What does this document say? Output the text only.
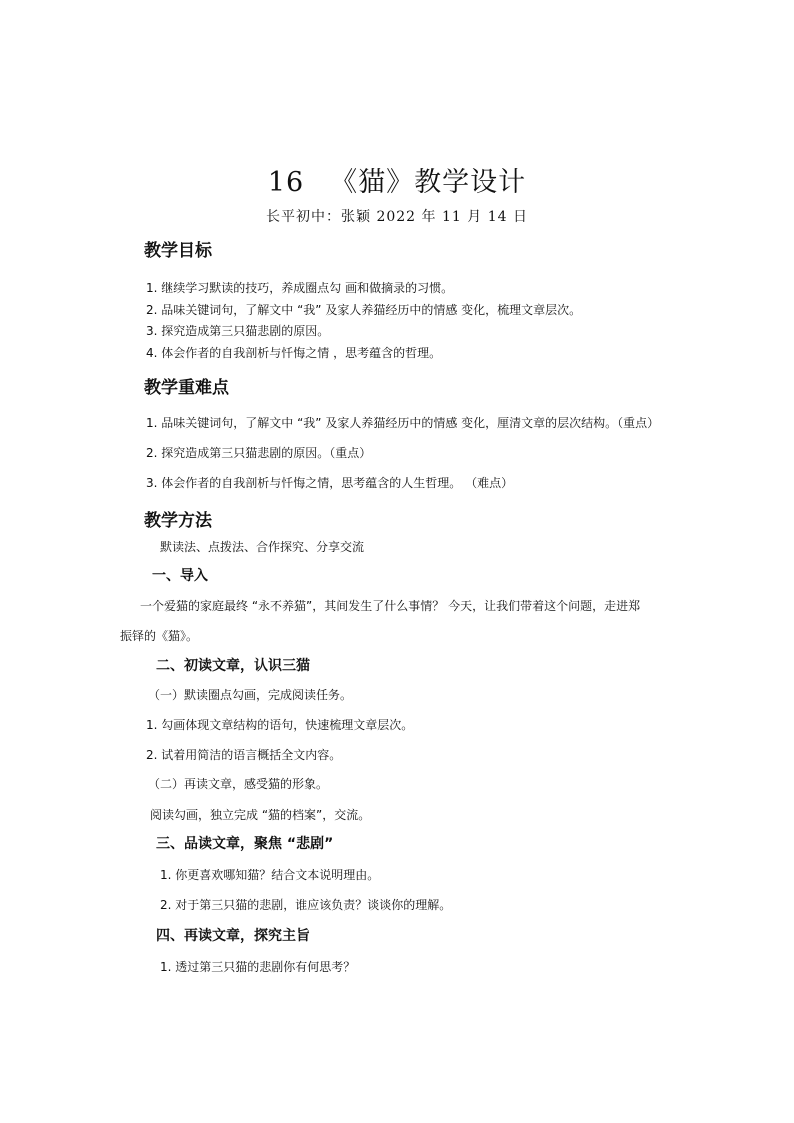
16 《猫》教学设计
长平初中：张颖 2022 年 11 月 14 日
教学目标
1. 继续学习默读的技巧，养成圈点勾 画和做摘录的习惯。
2. 品味关键词句，了解文中 “我” 及家人养猫经历中的情感 变化，梳理文章层次。
3. 探究造成第三只猫悲剧的原因。
4. 体会作者的自我剖析与忏悔之情 ，思考蕴含的哲理。
教学重难点
1. 品味关键词句，了解文中 “我” 及家人养猫经历中的情感 变化，厘清文章的层次结构。（重点）
2. 探究造成第三只猫悲剧的原因。（重点）
3. 体会作者的自我剖析与忏悔之情，思考蕴含的人生哲理。 （难点）
教学方法
默读法、点拨法、合作探究、分享交流
一、导入
一个爱猫的家庭最终 “永不养猫”，其间发生了什么事情？ 今天，让我们带着这个问题，走进郑
振铎的《猫》。
二、初读文章，认识三猫
（一）默读圈点勾画，完成阅读任务。
1. 勾画体现文章结构的语句，快速梳理文章层次。
2. 试着用简洁的语言概括全文内容。
（二）再读文章，感受猫的形象。
阅读勾画，独立完成 “猫的档案”，交流。
三、品读文章，聚焦 “悲剧”
1. 你更喜欢哪知猫？结合文本说明理由。
2. 对于第三只猫的悲剧，谁应该负责？谈谈你的理解。
四、再读文章，探究主旨
1. 透过第三只猫的悲剧你有何思考？
